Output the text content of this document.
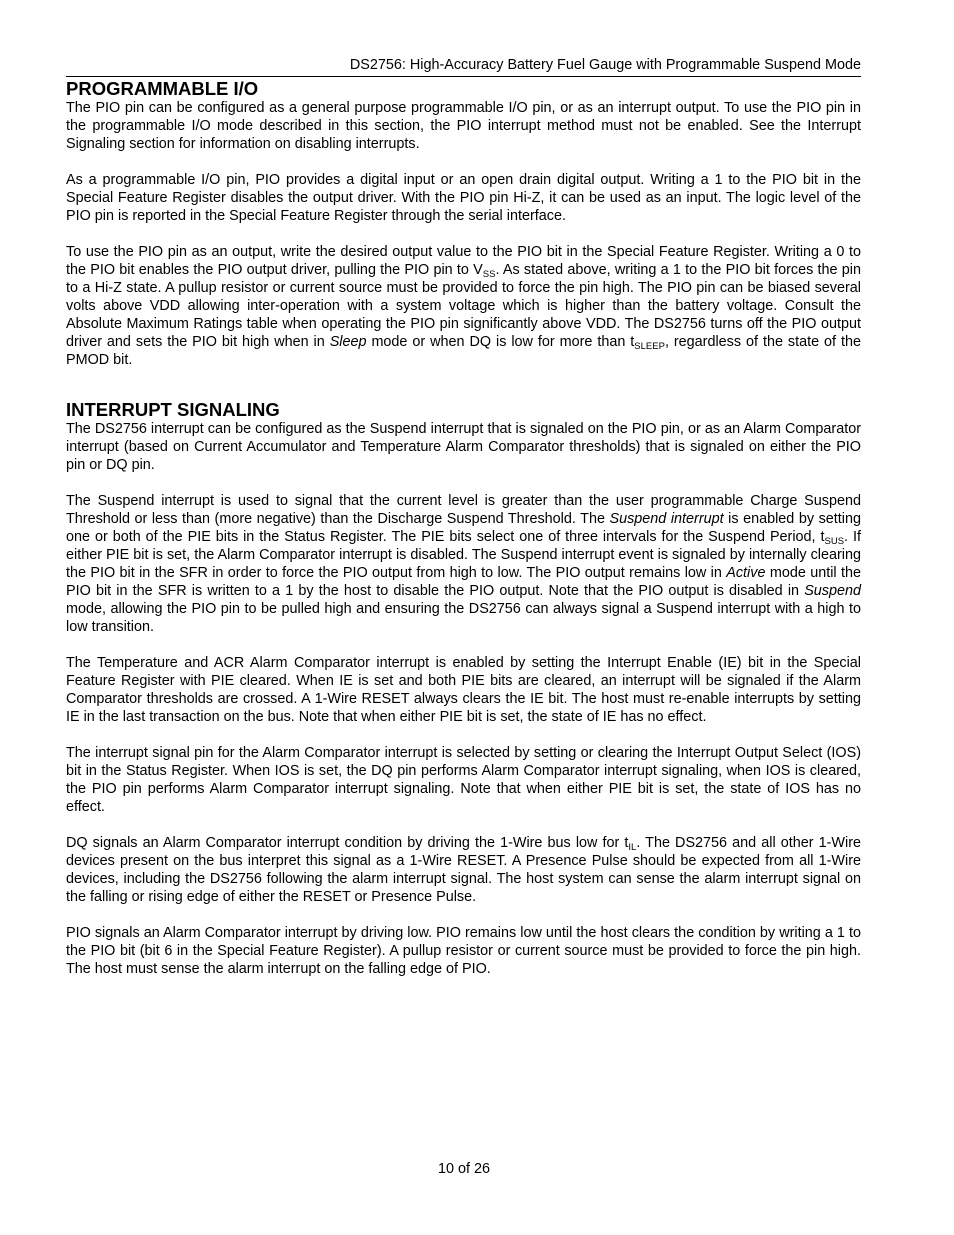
DS2756: High-Accuracy Battery Fuel Gauge with Programmable Suspend Mode
PROGRAMMABLE I/O

The PIO pin can be configured as a general purpose programmable I/O pin, or as an interrupt output. To use the PIO pin in the programmable I/O mode described in this section, the PIO interrupt method must not be enabled. See the Interrupt Signaling section for information on disabling interrupts.

As a programmable I/O pin, PIO provides a digital input or an open drain digital output. Writing a 1 to the PIO bit in the Special Feature Register disables the output driver. With the PIO pin Hi-Z, it can be used as an input. The logic level of the PIO pin is reported in the Special Feature Register through the serial interface.

To use the PIO pin as an output, write the desired output value to the PIO bit in the Special Feature Register. Writing a 0 to the PIO bit enables the PIO output driver, pulling the PIO pin to $V_{SS}$. As stated above, writing a 1 to the PIO bit forces the pin to a Hi-Z state. A pullup resistor or current source must be provided to force the pin high. The PIO pin can be biased several volts above VDD allowing inter-operation with a system voltage which is higher than the battery voltage. Consult the Absolute Maximum Ratings table when operating the PIO pin significantly above VDD. The DS2756 turns off the PIO output driver and sets the PIO bit high when in Sleep mode or when DQ is low for more than $t_{SLEEP}$, regardless of the state of the PMOD bit.

INTERRUPT SIGNALING

The DS2756 interrupt can be configured as the Suspend interrupt that is signaled on the PIO pin, or as an Alarm Comparator interrupt (based on Current Accumulator and Temperature Alarm Comparator thresholds) that is signaled on either the PIO pin or DQ pin.

The Suspend interrupt is used to signal that the current level is greater than the user programmable Charge Suspend Threshold or less than (more negative) than the Discharge Suspend Threshold. The Suspend interrupt is enabled by setting one or both of the PIE bits in the Status Register. The PIE bits select one of three intervals for the Suspend Period, $t_{SUS}$. If either PIE bit is set, the Alarm Comparator interrupt is disabled. The Suspend interrupt event is signaled by internally clearing the PIO bit in the SFR in order to force the PIO output from high to low. The PIO output remains low in Active mode until the PIO bit in the SFR is written to a 1 by the host to disable the PIO output. Note that the PIO output is disabled in Suspend mode, allowing the PIO pin to be pulled high and ensuring the DS2756 can always signal a Suspend interrupt with a high to low transition.

The Temperature and ACR Alarm Comparator interrupt is enabled by setting the Interrupt Enable (IE) bit in the Special Feature Register with PIE cleared. When IE is set and both PIE bits are cleared, an interrupt will be signaled if the Alarm Comparator thresholds are crossed. A 1-Wire RESET always clears the IE bit. The host must re-enable interrupts by setting IE in the last transaction on the bus. Note that when either PIE bit is set, the state of IE has no effect.

The interrupt signal pin for the Alarm Comparator interrupt is selected by setting or clearing the Interrupt Output Select (IOS) bit in the Status Register. When IOS is set, the DQ pin performs Alarm Comparator interrupt signaling, when IOS is cleared, the PIO pin performs Alarm Comparator interrupt signaling. Note that when either PIE bit is set, the state of IOS has no effect.

DQ signals an Alarm Comparator interrupt condition by driving the 1-Wire bus low for $t_{IL}$. The DS2756 and all other 1-Wire devices present on the bus interpret this signal as a 1-Wire RESET. A Presence Pulse should be expected from all 1-Wire devices, including the DS2756 following the alarm interrupt signal. The host system can sense the alarm interrupt signal on the falling or rising edge of either the RESET or Presence Pulse.

PIO signals an Alarm Comparator interrupt by driving low. PIO remains low until the host clears the condition by writing a 1 to the PIO bit (bit 6 in the Special Feature Register). A pullup resistor or current source must be provided to force the pin high. The host must sense the alarm interrupt on the falling edge of PIO.

10 of 26
